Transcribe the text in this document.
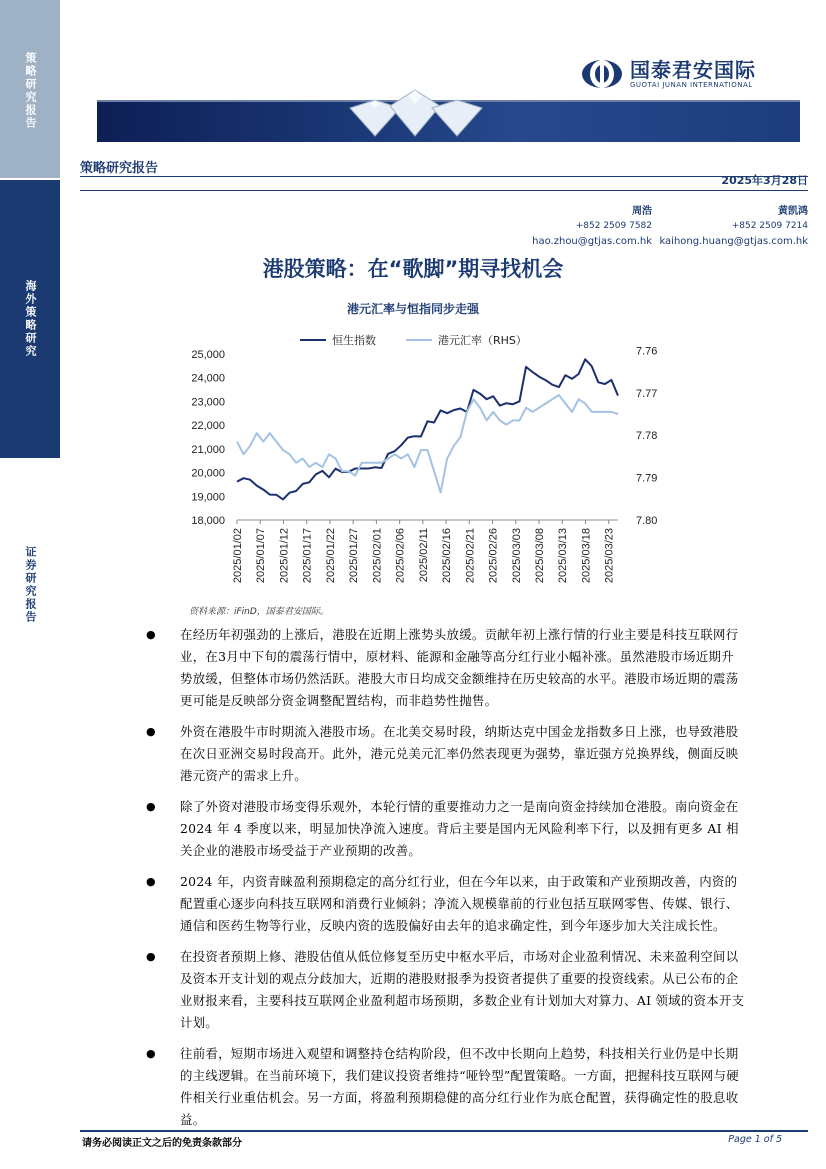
策略研究报告
海外策略研究
证券研究报告
国泰君安国际
GUOTAI JUNAN INTERNATIONAL
策略研究报告
2025年3月28日
周浩
+852 2509 7582
hao.zhou@gtjas.com.hk
黄凯鸿
+852 2509 7214
kaihong.huang@gtjas.com.hk
港股策略：在“歌脚”期寻找机会
港元汇率与恒指同步走强
18,000
19,000
20,000
21,000
22,000
23,000
24,000
25,000	7.76
7.77
7.78
7.79
7.80
2025/01/02 2025/01/07 2025/01/12 2025/01/17 2025/01/22 2025/01/27 2025/02/01 2025/02/06 2025/02/11 2025/02/16 2025/02/21 2025/02/26 2025/03/03 2025/03/08 2025/03/13 2025/03/18 2025/03/23
恒生指数	港元汇率（RHS）
资料来源：iFinD，国泰君安国际。
●	在经历年初强劲的上涨后，港股在近期上涨势头放缓。贡献年初上涨行情的行业主要是科技互联网行业，在3月中下旬的震荡行情中，原材料、能源和金融等高分红行业小幅补涨。虽然港股市场近期升势放缓，但整体市场仍然活跃。港股大市日均成交金额维持在历史较高的水平。港股市场近期的震荡更可能是反映部分资金调整配置结构，而非趋势性抛售。
●	外资在港股牛市时期流入港股市场。在北美交易时段，纳斯达克中国金龙指数多日上涨，也导致港股在次日亚洲交易时段高开。此外，港元兑美元汇率仍然表现更为强势，靠近强方兑换界线，侧面反映港元资产的需求上升。
●	除了外资对港股市场变得乐观外，本轮行情的重要推动力之一是南向资金持续加仓港股。南向资金在 2024 年 4 季度以来，明显加快净流入速度。背后主要是国内无风险利率下行，以及拥有更多 AI 相关企业的港股市场受益于产业预期的改善。
●	2024 年，内资青睐盈利预期稳定的高分红行业，但在今年以来，由于政策和产业预期改善，内资的配置重心逐步向科技互联网和消费行业倾斜；净流入规模靠前的行业包括互联网零售、传媒、银行、通信和医药生物等行业，反映内资的选股偏好由去年的追求确定性，到今年逐步加大关注成长性。
●	在投资者预期上修、港股估值从低位修复至历史中枢水平后，市场对企业盈利情况、未来盈利空间以及资本开支计划的观点分歧加大，近期的港股财报季为投资者提供了重要的投资线索。从已公布的企业财报来看，主要科技互联网企业盈利超市场预期，多数企业有计划加大对算力、AI 领域的资本开支计划。
●	往前看，短期市场进入观望和调整持仓结构阶段，但不改中长期向上趋势，科技相关行业仍是中长期的主线逻辑。在当前环境下，我们建议投资者维持“哑铃型”配置策略。一方面，把握科技互联网与硬件相关行业重估机会。另一方面，将盈利预期稳健的高分红行业作为底仓配置，获得确定性的股息收益。
请务必阅读正文之后的免责条款部分	Page 1 of 5
